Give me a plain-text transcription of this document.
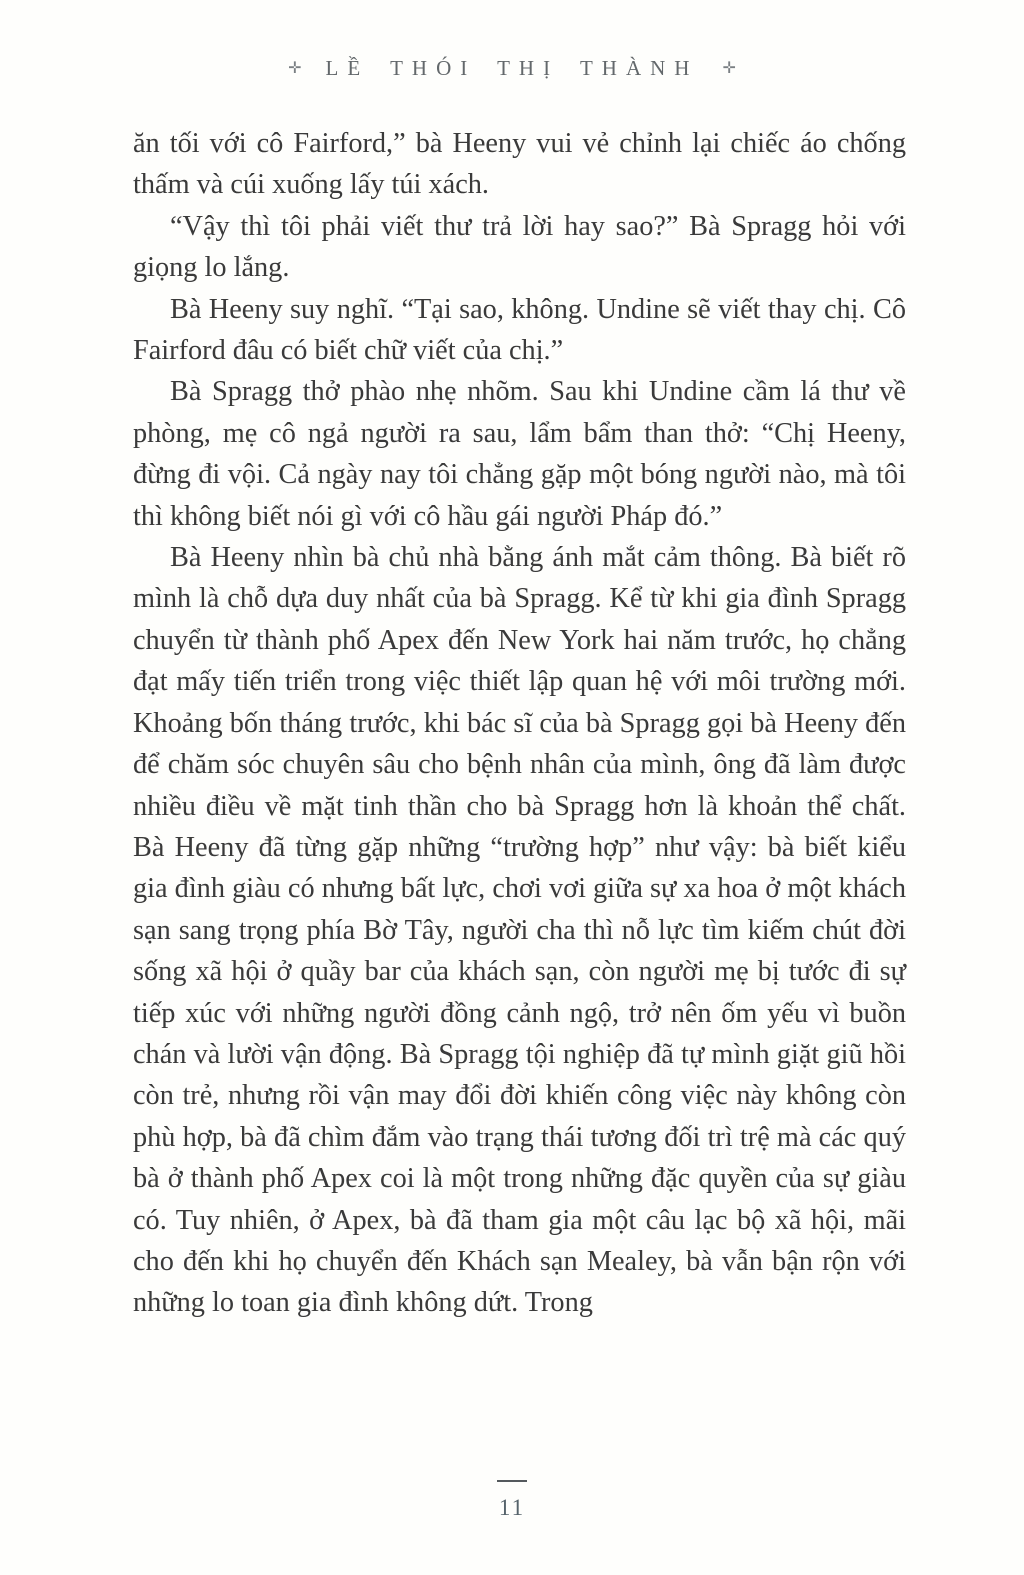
✛ LỀ THÓI THỊ THÀNH ✛

ăn tối với cô Fairford,” bà Heeny vui vẻ chỉnh lại chiếc áo chống thấm và cúi xuống lấy túi xách.

“Vậy thì tôi phải viết thư trả lời hay sao?” Bà Spragg hỏi với giọng lo lắng.

Bà Heeny suy nghĩ. “Tại sao, không. Undine sẽ viết thay chị. Cô Fairford đâu có biết chữ viết của chị.”

Bà Spragg thở phào nhẹ nhõm. Sau khi Undine cầm lá thư về phòng, mẹ cô ngả người ra sau, lẩm bẩm than thở: “Chị Heeny, đừng đi vội. Cả ngày nay tôi chẳng gặp một bóng người nào, mà tôi thì không biết nói gì với cô hầu gái người Pháp đó.”

Bà Heeny nhìn bà chủ nhà bằng ánh mắt cảm thông. Bà biết rõ mình là chỗ dựa duy nhất của bà Spragg. Kể từ khi gia đình Spragg chuyển từ thành phố Apex đến New York hai năm trước, họ chẳng đạt mấy tiến triển trong việc thiết lập quan hệ với môi trường mới. Khoảng bốn tháng trước, khi bác sĩ của bà Spragg gọi bà Heeny đến để chăm sóc chuyên sâu cho bệnh nhân của mình, ông đã làm được nhiều điều về mặt tinh thần cho bà Spragg hơn là khoản thể chất. Bà Heeny đã từng gặp những “trường hợp” như vậy: bà biết kiểu gia đình giàu có nhưng bất lực, chơi vơi giữa sự xa hoa ở một khách sạn sang trọng phía Bờ Tây, người cha thì nỗ lực tìm kiếm chút đời sống xã hội ở quầy bar của khách sạn, còn người mẹ bị tước đi sự tiếp xúc với những người đồng cảnh ngộ, trở nên ốm yếu vì buồn chán và lười vận động. Bà Spragg tội nghiệp đã tự mình giặt giũ hồi còn trẻ, nhưng rồi vận may đổi đời khiến công việc này không còn phù hợp, bà đã chìm đắm vào trạng thái tương đối trì trệ mà các quý bà ở thành phố Apex coi là một trong những đặc quyền của sự giàu có. Tuy nhiên, ở Apex, bà đã tham gia một câu lạc bộ xã hội, mãi cho đến khi họ chuyển đến Khách sạn Mealey, bà vẫn bận rộn với những lo toan gia đình không dứt. Trong

11
